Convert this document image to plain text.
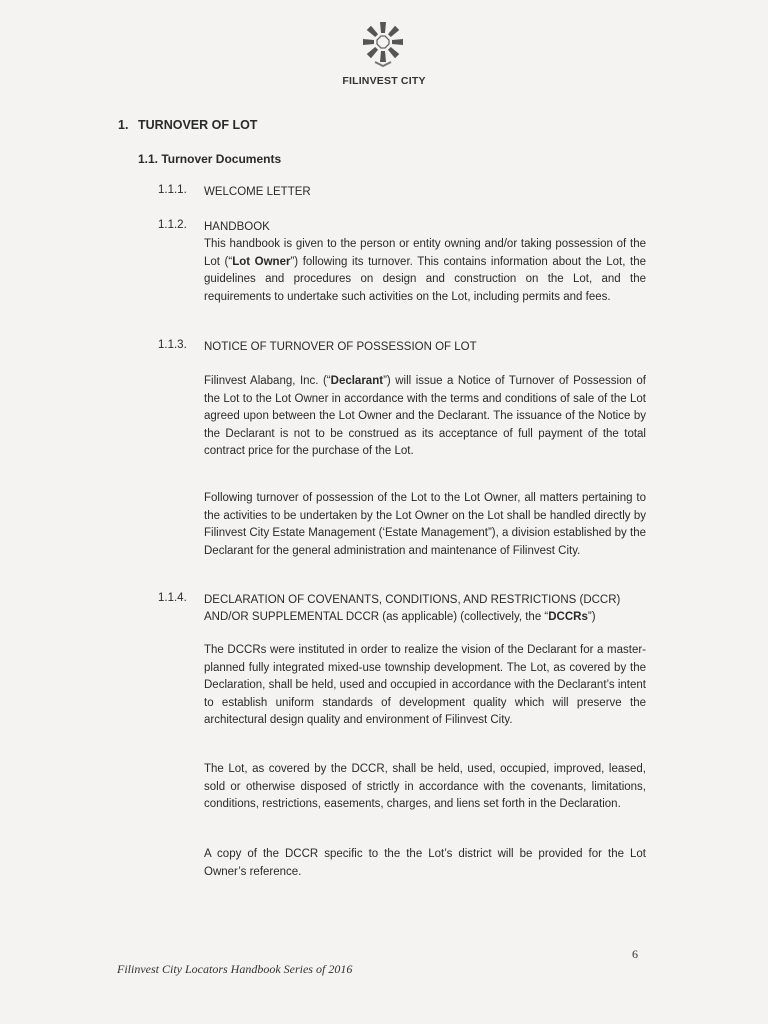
FILINVEST CITY
1. TURNOVER OF LOT
1.1. Turnover Documents
1.1.1. WELCOME LETTER
1.1.2. HANDBOOK
This handbook is given to the person or entity owning and/or taking possession of the Lot (“Lot Owner”) following its turnover. This contains information about the Lot, the guidelines and procedures on design and construction on the Lot, and the requirements to undertake such activities on the Lot, including permits and fees.
1.1.3. NOTICE OF TURNOVER OF POSSESSION OF LOT
Filinvest Alabang, Inc. (“Declarant”) will issue a Notice of Turnover of Possession of the Lot to the Lot Owner in accordance with the terms and conditions of sale of the Lot agreed upon between the Lot Owner and the Declarant. The issuance of the Notice by the Declarant is not to be construed as its acceptance of full payment of the total contract price for the purchase of the Lot.
Following turnover of possession of the Lot to the Lot Owner, all matters pertaining to the activities to be undertaken by the Lot Owner on the Lot shall be handled directly by Filinvest City Estate Management (‘Estate Management”), a division established by the Declarant for the general administration and maintenance of Filinvest City.
1.1.4. DECLARATION OF COVENANTS, CONDITIONS, AND RESTRICTIONS (DCCR)
AND/OR SUPPLEMENTAL DCCR (as applicable) (collectively, the “DCCRs”)
The DCCRs were instituted in order to realize the vision of the Declarant for a master-planned fully integrated mixed-use township development. The Lot, as covered by the Declaration, shall be held, used and occupied in accordance with the Declarant’s intent to establish uniform standards of development quality which will preserve the architectural design quality and environment of Filinvest City.
The Lot, as covered by the DCCR, shall be held, used, occupied, improved, leased, sold or otherwise disposed of strictly in accordance with the covenants, limitations, conditions, restrictions, easements, charges, and liens set forth in the Declaration.
A copy of the DCCR specific to the the Lot’s district will be provided for the Lot Owner’s reference.
Filinvest City Locators Handbook Series of 2016
6
